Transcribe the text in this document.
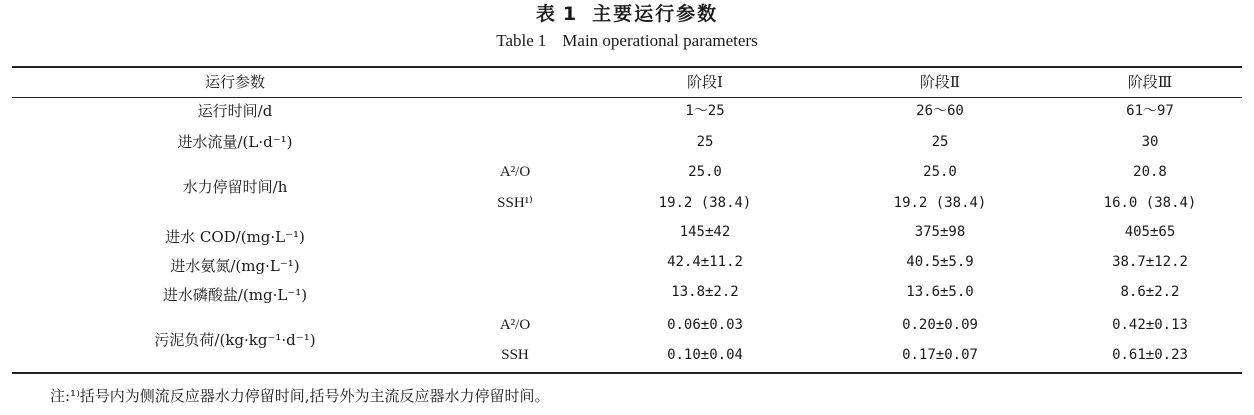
表 1 主要运行参数
Table 1 Main operational parameters
运行参数	阶段Ⅰ	阶段Ⅱ	阶段Ⅲ
运行时间/d	1～25	26～60	61～97
进水流量/(L·d⁻¹)	25	25	30
水力停留时间/h
A²/O	25.0	25.0	20.8
SSH¹⁾	19.2 (38.4)	19.2 (38.4)	16.0 (38.4)
进水 COD/(mg·L⁻¹)	145±42	375±98	405±65
进水氨氮/(mg·L⁻¹)	42.4±11.2	40.5±5.9	38.7±12.2
进水磷酸盐/(mg·L⁻¹)	13.8±2.2	13.6±5.0	8.6±2.2
污泥负荷/(kg·kg⁻¹·d⁻¹)
A²/O	0.06±0.03	0.20±0.09	0.42±0.13
SSH	0.10±0.04	0.17±0.07	0.61±0.23
注:¹⁾括号内为侧流反应器水力停留时间,括号外为主流反应器水力停留时间。
